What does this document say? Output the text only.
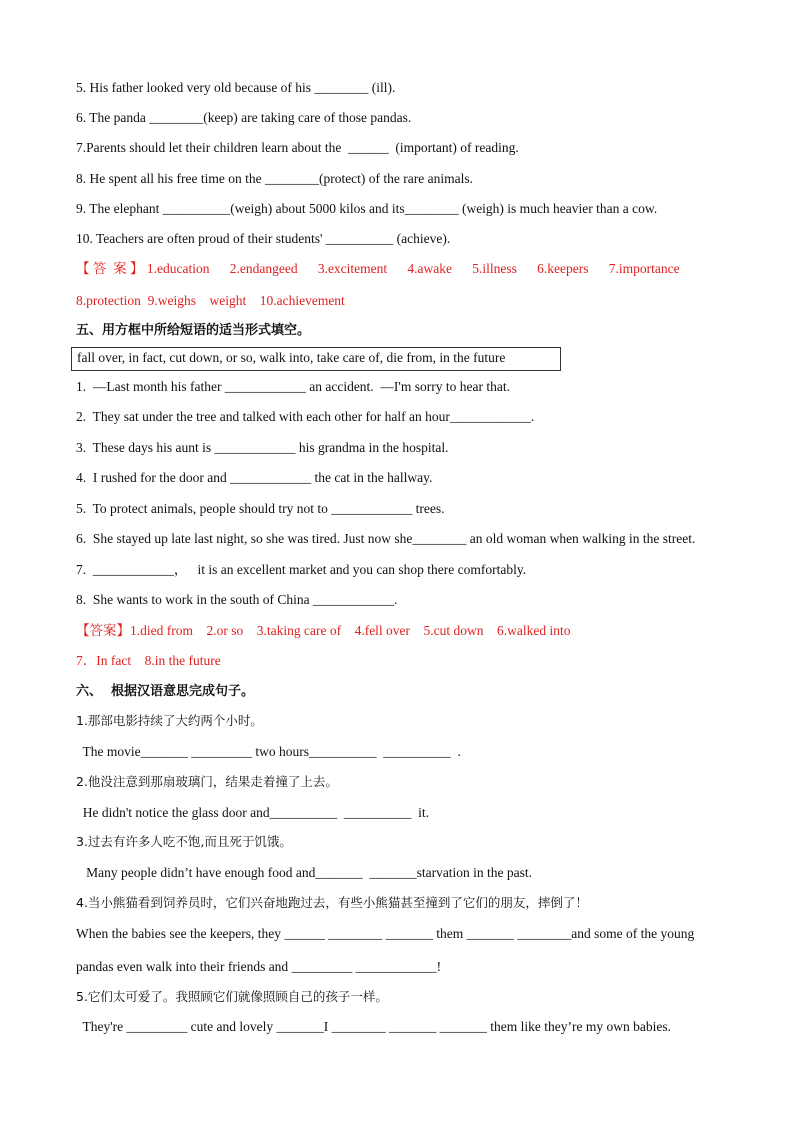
5. His father looked very old because of his ________ (ill).
6. The panda ________(keep) are taking care of those pandas.
7.Parents should let their children learn about the  ______  (important) of reading.
8. He spent all his free time on the ________(protect) of the rare animals.
9. The elephant __________(weigh) about 5000 kilos and its________ (weigh) is much heavier than a cow.
10. Teachers are often proud of their students' __________ (achieve).
【 答  案 】 1.education      2.endangeed      3.excitement      4.awake      5.illness      6.keepers      7.importance
8.protection  9.weighs    weight    10.achievement
五、用方框中所给短语的适当形式填空。
fall over, in fact, cut down, or so, walk into, take care of, die from, in the future
1.  —Last month his father ____________ an accident.  —I'm sorry to hear that.
2.  They sat under the tree and talked with each other for half an hour____________.
3.  These days his aunt is ____________ his grandma in the hospital.
4.  I rushed for the door and ____________ the cat in the hallway.
5.  To protect animals, people should try not to ____________ trees.
6.  She stayed up late last night, so she was tired. Just now she________ an old woman when walking in the street.
7.  ____________，   it is an excellent market and you can shop there comfortably.
8.  She wants to work in the south of China ____________.
【答案】1.died from    2.or so    3.taking care of    4.fell over    5.cut down    6.walked into
7．In fact    8.in the future
六、  根据汉语意思完成句子。
1.那部电影持续了大约两个小时。
The movie_______ _________ two hours__________  __________  .
2.他没注意到那扇玻璃门，结果走着撞了上去。
He didn't notice the glass door and__________  __________  it.
3.过去有许多人吃不饱,而且死于饥饿。
Many people didn’t have enough food and_______  _______starvation in the past.
4.当小熊猫看到饲养员时，它们兴奋地跑过去，有些小熊猫甚至撞到了它们的朋友，摔倒了！
When the babies see the keepers, they ______ ________ _______ them _______ ________and some of the young
pandas even walk into their friends and _________ ____________!
5.它们太可爱了。我照顾它们就像照顾自己的孩子一样。
They're _________ cute and lovely _______I ________ _______ _______ them like they’re my own babies.
